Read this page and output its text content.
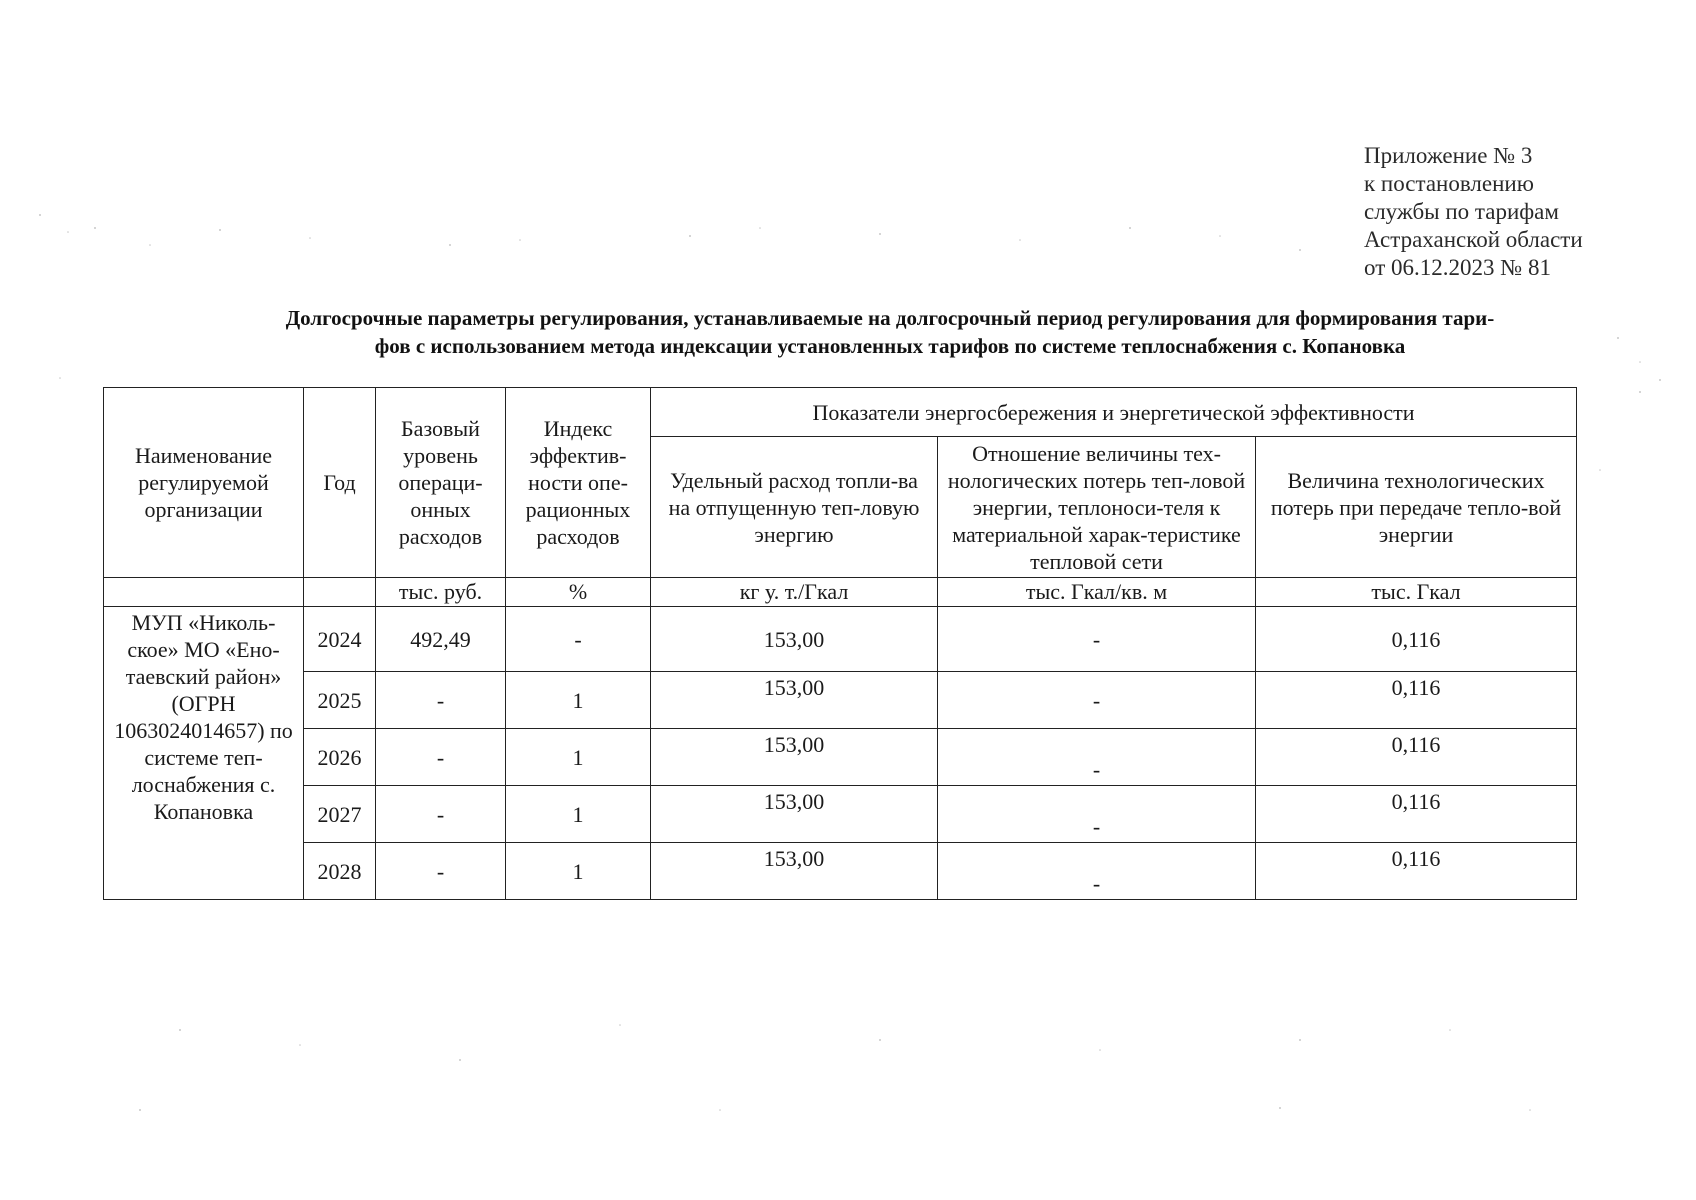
Приложение № 3
к постановлению
службы по тарифам
Астраханской области
от 06.12.2023 № 81
Долгосрочные параметры регулирования, устанавливаемые на долгосрочный период регулирования для формирования тари-
фов с использованием метода индексации установленных тарифов по системе теплоснабжения с. Копановка
Наименование регулируемой организации	Год	Базовый уровень операци-онных расходов	Индекс эффектив-ности опе-рационных расходов	Показатели энергосбережения и энергетической эффективности		
				Удельный расход топли-ва на отпущенную теп-ловую энергию	Отношение величины тех-нологических потерь теп-ловой энергии, теплоноси-теля к материальной харак-теристике тепловой сети	Величина технологических потерь при передаче тепло-вой энергии
		тыс. руб.	%	кг у. т./Гкал	тыс. Гкал/кв. м	тыс. Гкал
МУП «Николь-ское» МО «Ено-таевский район» (ОГРН 1063024014657) по системе теп-лоснабжения с. Копановка	2024	492,49	-	153,00	-	0,116
	2025	-	1	153,00	-	0,116
	2026	-	1	153,00	-	0,116
	2027	-	1	153,00	-	0,116
	2028	-	1	153,00	-	0,116
